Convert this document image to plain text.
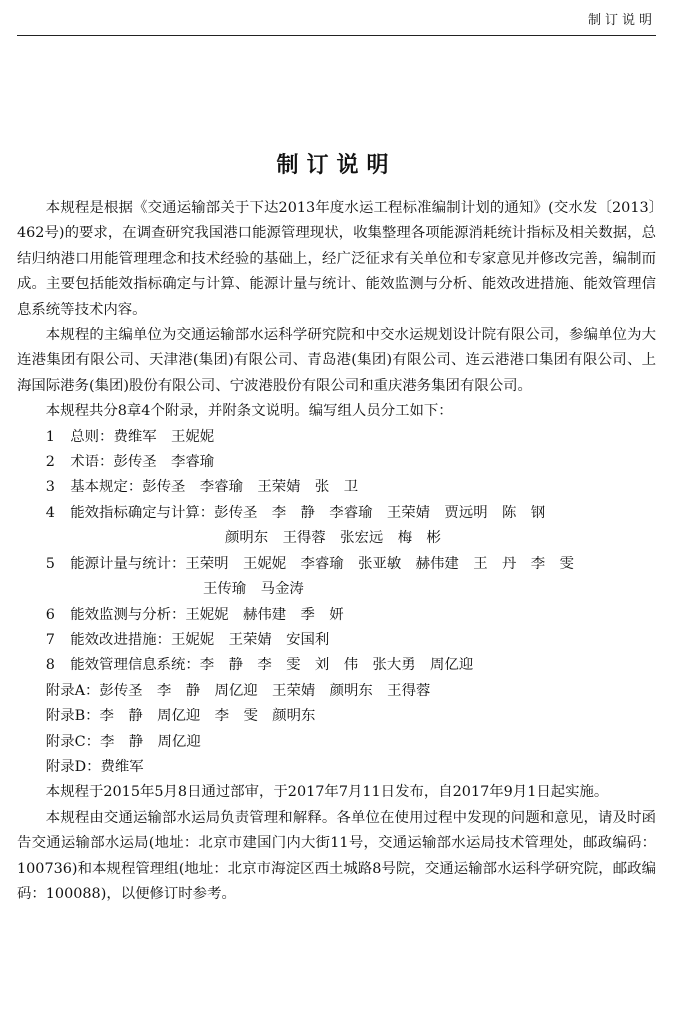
制订说明
制订说明

本规程是根据《交通运输部关于下达2013年度水运工程标准编制计划的通知》(交水发〔2013〕462号)的要求，在调查研究我国港口能源管理现状，收集整理各项能源消耗统计指标及相关数据，总结归纳港口用能管理理念和技术经验的基础上，经广泛征求有关单位和专家意见并修改完善，编制而成。主要包括能效指标确定与计算、能源计量与统计、能效监测与分析、能效改进措施、能效管理信息系统等技术内容。

本规程的主编单位为交通运输部水运科学研究院和中交水运规划设计院有限公司，参编单位为大连港集团有限公司、天津港(集团)有限公司、青岛港(集团)有限公司、连云港港口集团有限公司、上海国际港务(集团)股份有限公司、宁波港股份有限公司和重庆港务集团有限公司。

本规程共分8章4个附录，并附条文说明。编写组人员分工如下：

1 总则：费维军　王妮妮

2 术语：彭传圣　李睿瑜

3 基本规定：彭传圣　李睿瑜　王荣婧　张　卫

4 能效指标确定与计算：彭传圣　李　静　李睿瑜　王荣婧　贾远明　陈　钢

颜明东　王得蓉　张宏远　梅　彬

5 能源计量与统计：王荣明　王妮妮　李睿瑜　张亚敏　赫伟建　王　丹　李　雯

王传瑜　马金涛

6 能效监测与分析：王妮妮　赫伟建　季　妍

7 能效改进措施：王妮妮　王荣婧　安国利

8 能效管理信息系统：李　静　李　雯　刘　伟　张大勇　周亿迎

附录A：彭传圣　李　静　周亿迎　王荣婧　颜明东　王得蓉

附录B：李　静　周亿迎　李　雯　颜明东

附录C：李　静　周亿迎

附录D：费维军

本规程于2015年5月8日通过部审，于2017年7月11日发布，自2017年9月1日起实施。

本规程由交通运输部水运局负责管理和解释。各单位在使用过程中发现的问题和意见，请及时函告交通运输部水运局(地址：北京市建国门内大街11号，交通运输部水运局技术管理处，邮政编码：100736)和本规程管理组(地址：北京市海淀区西土城路8号院，交通运输部水运科学研究院，邮政编码：100088)，以便修订时参考。
